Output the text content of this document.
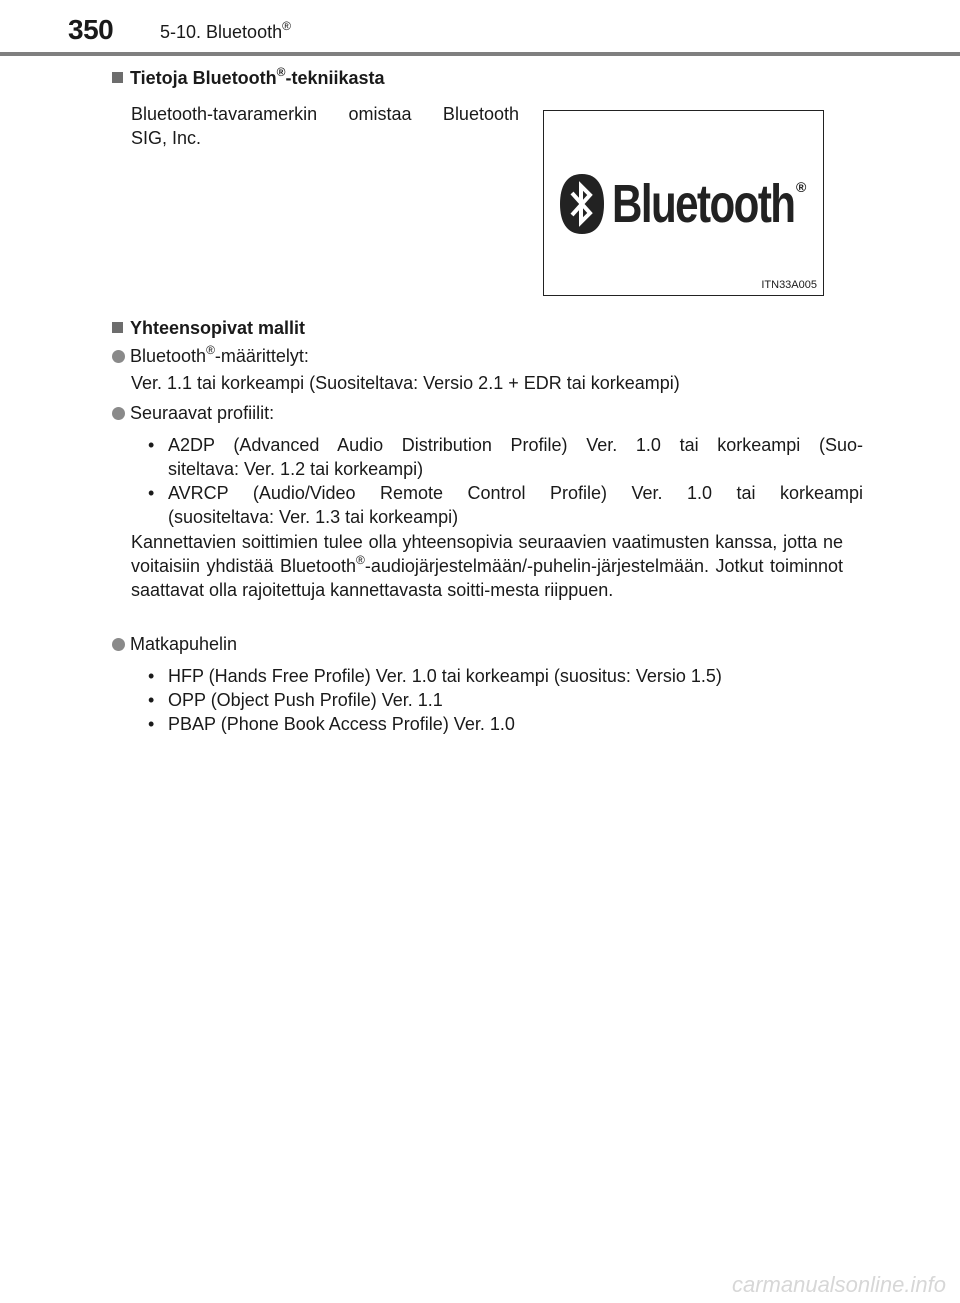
350	5-10. Bluetooth®
Tietoja Bluetooth®-tekniikasta
Bluetooth-tavaramerkin omistaa Bluetooth
SIG, Inc.
Bluetooth ®
ITN33A005
Yhteensopivat mallit
Bluetooth®-määrittelyt:
Ver. 1.1 tai korkeampi (Suositeltava: Versio 2.1 + EDR tai korkeampi)
Seuraavat profiilit:
• A2DP (Advanced Audio Distribution Profile) Ver. 1.0 tai korkeampi (Suo-
siteltava: Ver. 1.2 tai korkeampi)
• AVRCP (Audio/Video Remote Control Profile) Ver. 1.0 tai korkeampi
(suositeltava: Ver. 1.3 tai korkeampi)
Kannettavien soittimien tulee olla yhteensopivia seuraavien vaatimusten kanssa, jotta ne voitaisiin yhdistää Bluetooth®-audiojärjestelmään/-puhelin-järjestelmään. Jotkut toiminnot saattavat olla rajoitettuja kannettavasta soitti-mesta riippuen.
Matkapuhelin
• HFP (Hands Free Profile) Ver. 1.0 tai korkeampi (suositus: Versio 1.5)
• OPP (Object Push Profile) Ver. 1.1
• PBAP (Phone Book Access Profile) Ver. 1.0
carmanualsonline.info
